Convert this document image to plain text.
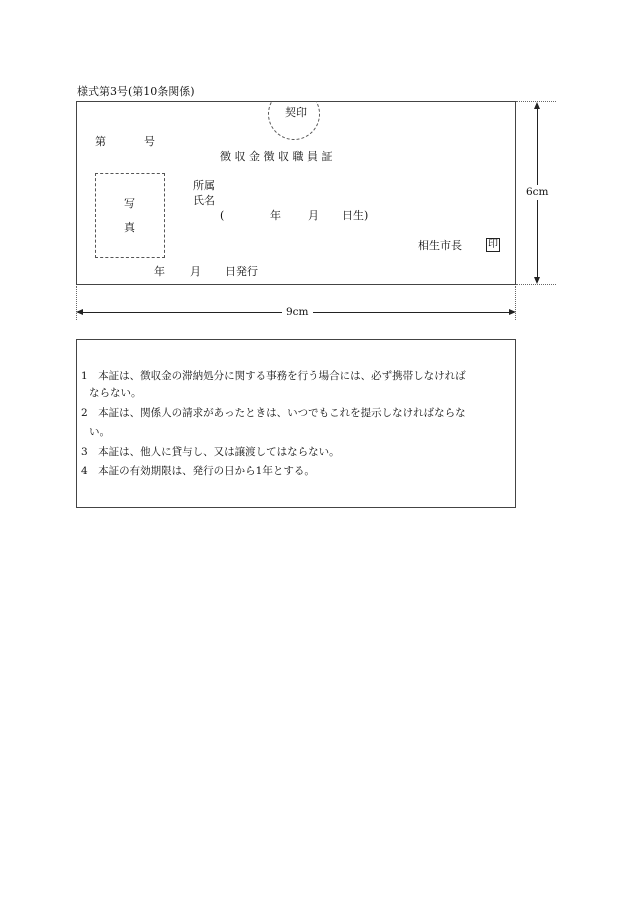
様式第3号(第10条関係)
契印
第	号
徴 収 金 徴 収 職 員 証
写
真
所属
氏名
(	年 月 日生)
相生市長	印
年 月 日発行
6cm
9cm
1　本証は、徴収金の滞納処分に関する事務を行う場合には、必ず携帯しなければ
ならない。
2　本証は、関係人の請求があったときは、いつでもこれを提示しなければならな
い。
3　本証は、他人に貸与し、又は譲渡してはならない。
4　本証の有効期限は、発行の日から1年とする。
